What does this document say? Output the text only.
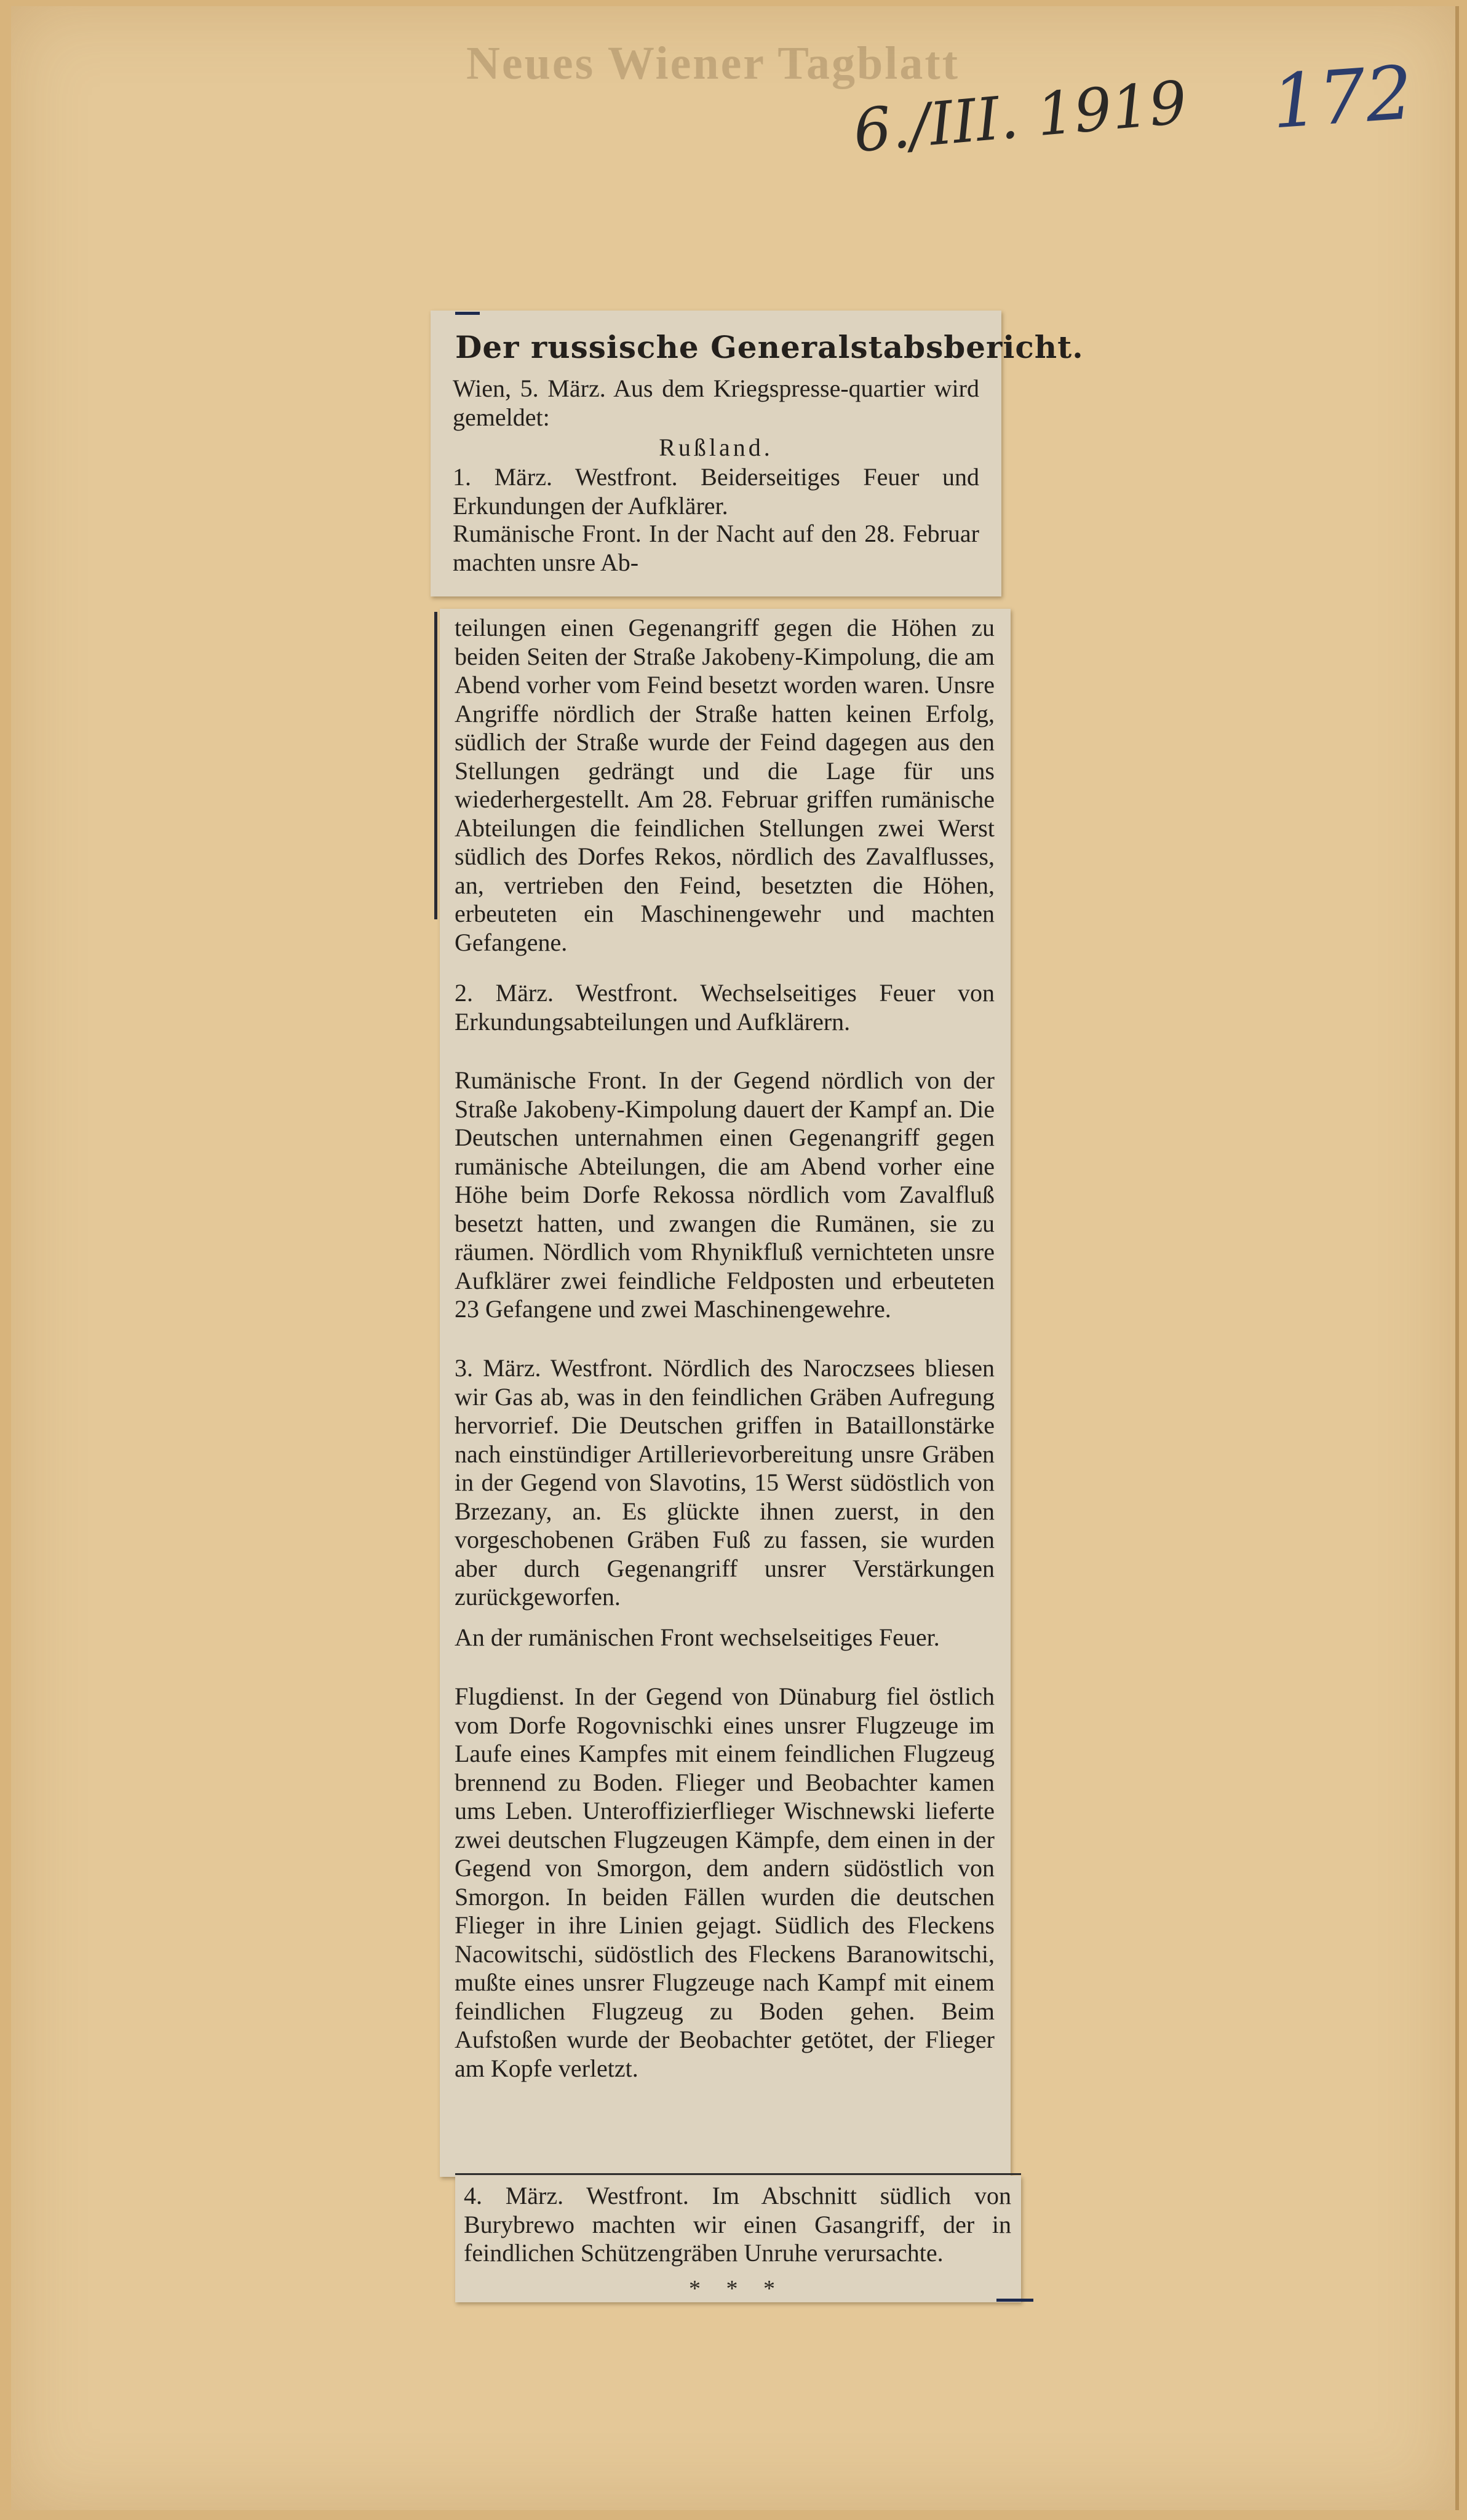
Neues Wiener Tagblatt
6./III. 1919 172
Der russische Generalstabsbericht.
Wien, 5. März. Aus dem Kriegspresse-quartier wird gemeldet:
Rußland.
1. März. Westfront. Beiderseitiges Feuer und Erkundungen der Aufklärer.
Rumänische Front. In der Nacht auf den 28. Februar machten unsre Ab-
teilungen einen Gegenangriff gegen die Höhen zu beiden Seiten der Straße Jakobeny-Kimpolung, die am Abend vorher vom Feind besetzt worden waren. Unsre Angriffe nördlich der Straße hatten keinen Erfolg, südlich der Straße wurde der Feind dagegen aus den Stellungen gedrängt und die Lage für uns wiederhergestellt. Am 28. Februar griffen rumänische Abteilungen die feindlichen Stellungen zwei Werst südlich des Dorfes Rekos, nördlich des Zavalflusses, an, vertrieben den Feind, besetzten die Höhen, erbeuteten ein Maschinengewehr und machten Gefangene.
2. März. Westfront. Wechselseitiges Feuer von Erkundungsabteilungen und Aufklärern.
Rumänische Front. In der Gegend nördlich von der Straße Jakobeny-Kimpolung dauert der Kampf an. Die Deutschen unternahmen einen Gegenangriff gegen rumänische Abteilungen, die am Abend vorher eine Höhe beim Dorfe Rekossa nördlich vom Zavalfluß besetzt hatten, und zwangen die Rumänen, sie zu räumen. Nördlich vom Rhynikfluß vernichteten unsre Aufklärer zwei feindliche Feldposten und erbeuteten 23 Gefangene und zwei Maschinengewehre.
3. März. Westfront. Nördlich des Naroczsees bliesen wir Gas ab, was in den feindlichen Gräben Aufregung hervorrief. Die Deutschen griffen in Bataillonstärke nach einstündiger Artillerievorbereitung unsre Gräben in der Gegend von Slavotins, 15 Werst südöstlich von Brzezany, an. Es glückte ihnen zuerst, in den vorgeschobenen Gräben Fuß zu fassen, sie wurden aber durch Gegenangriff unsrer Verstärkungen zurückgeworfen.
An der rumänischen Front wechselseitiges Feuer.
Flugdienst. In der Gegend von Dünaburg fiel östlich vom Dorfe Rogovnischki eines unsrer Flugzeuge im Laufe eines Kampfes mit einem feindlichen Flugzeug brennend zu Boden. Flieger und Beobachter kamen ums Leben. Unteroffizierflieger Wischnewski lieferte zwei deutschen Flugzeugen Kämpfe, dem einen in der Gegend von Smorgon, dem andern südöstlich von Smorgon. In beiden Fällen wurden die deutschen Flieger in ihre Linien gejagt. Südlich des Fleckens Nacowitschi, südöstlich des Fleckens Baranowitschi, mußte eines unsrer Flugzeuge nach Kampf mit einem feindlichen Flugzeug zu Boden gehen. Beim Aufstoßen wurde der Beobachter getötet, der Flieger am Kopfe verletzt.
4. März. Westfront. Im Abschnitt südlich von Burybrewo machten wir einen Gasangriff, der in feindlichen Schützengräben Unruhe verursachte.
* * *
